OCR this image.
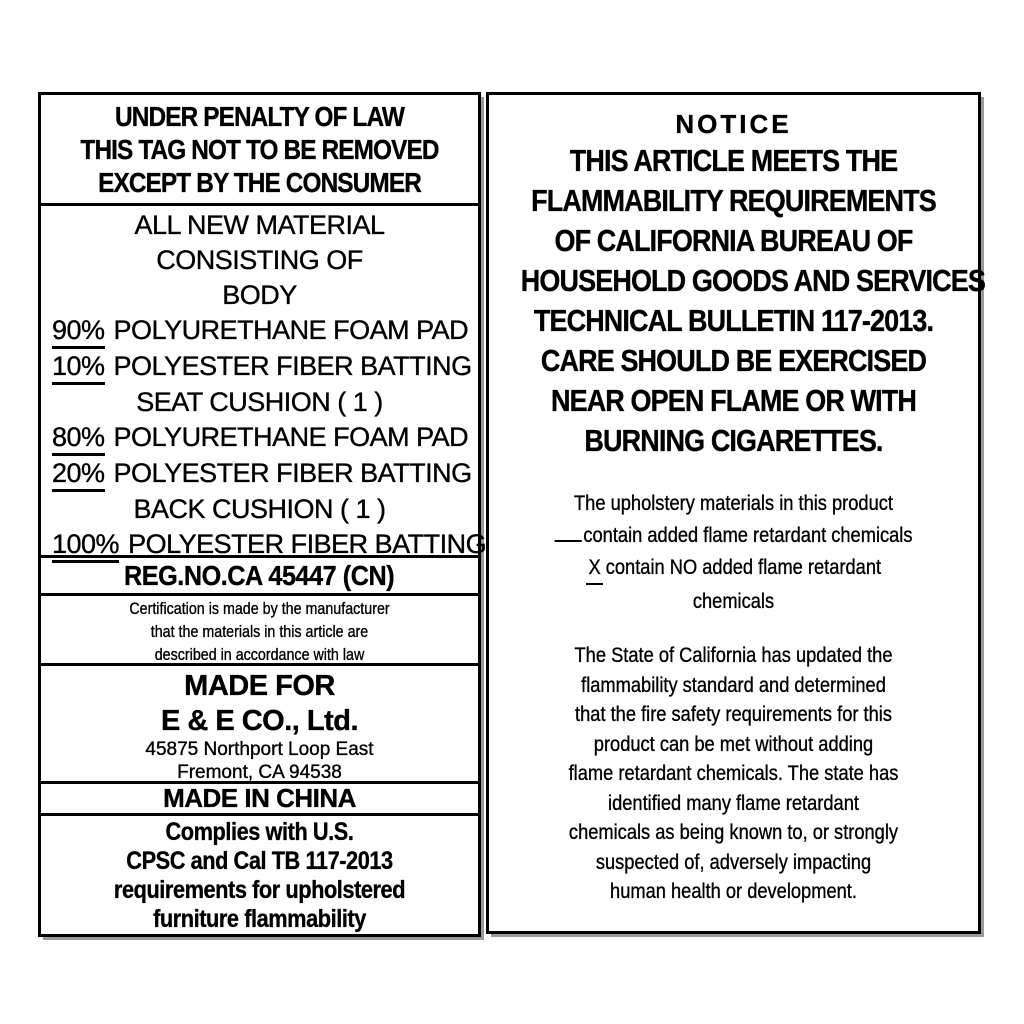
UNDER PENALTY OF LAW
THIS TAG NOT TO BE REMOVED
EXCEPT BY THE CONSUMER
ALL NEW MATERIAL
CONSISTING OF
BODY
90% POLYURETHANE FOAM PAD
10% POLYESTER FIBER BATTING
SEAT CUSHION ( 1 )
80% POLYURETHANE FOAM PAD
20% POLYESTER FIBER BATTING
BACK CUSHION ( 1 )
100% POLYESTER FIBER BATTING
REG.NO.CA 45447 (CN)
Certification is made by the manufacturer
that the materials in this article are
described in accordance with law
MADE FOR
E & E CO., Ltd.
45875 Northport Loop East
Fremont, CA 94538
MADE IN CHINA
Complies with U.S.
CPSC and Cal TB 117-2013
requirements for upholstered
furniture flammability
NOTICE
THIS ARTICLE MEETS THE
FLAMMABILITY REQUIREMENTS
OF CALIFORNIA BUREAU OF
HOUSEHOLD GOODS AND SERVICES
TECHNICAL BULLETIN 117-2013.
CARE SHOULD BE EXERCISED
NEAR OPEN FLAME OR WITH
BURNING CIGARETTES.
The upholstery materials in this product
contain added flame retardant chemicals
X contain NO added flame retardant
chemicals
The State of California has updated the
flammability standard and determined
that the fire safety requirements for this
product can be met without adding
flame retardant chemicals. The state has
identified many flame retardant
chemicals as being known to, or strongly
suspected of, adversely impacting
human health or development.
